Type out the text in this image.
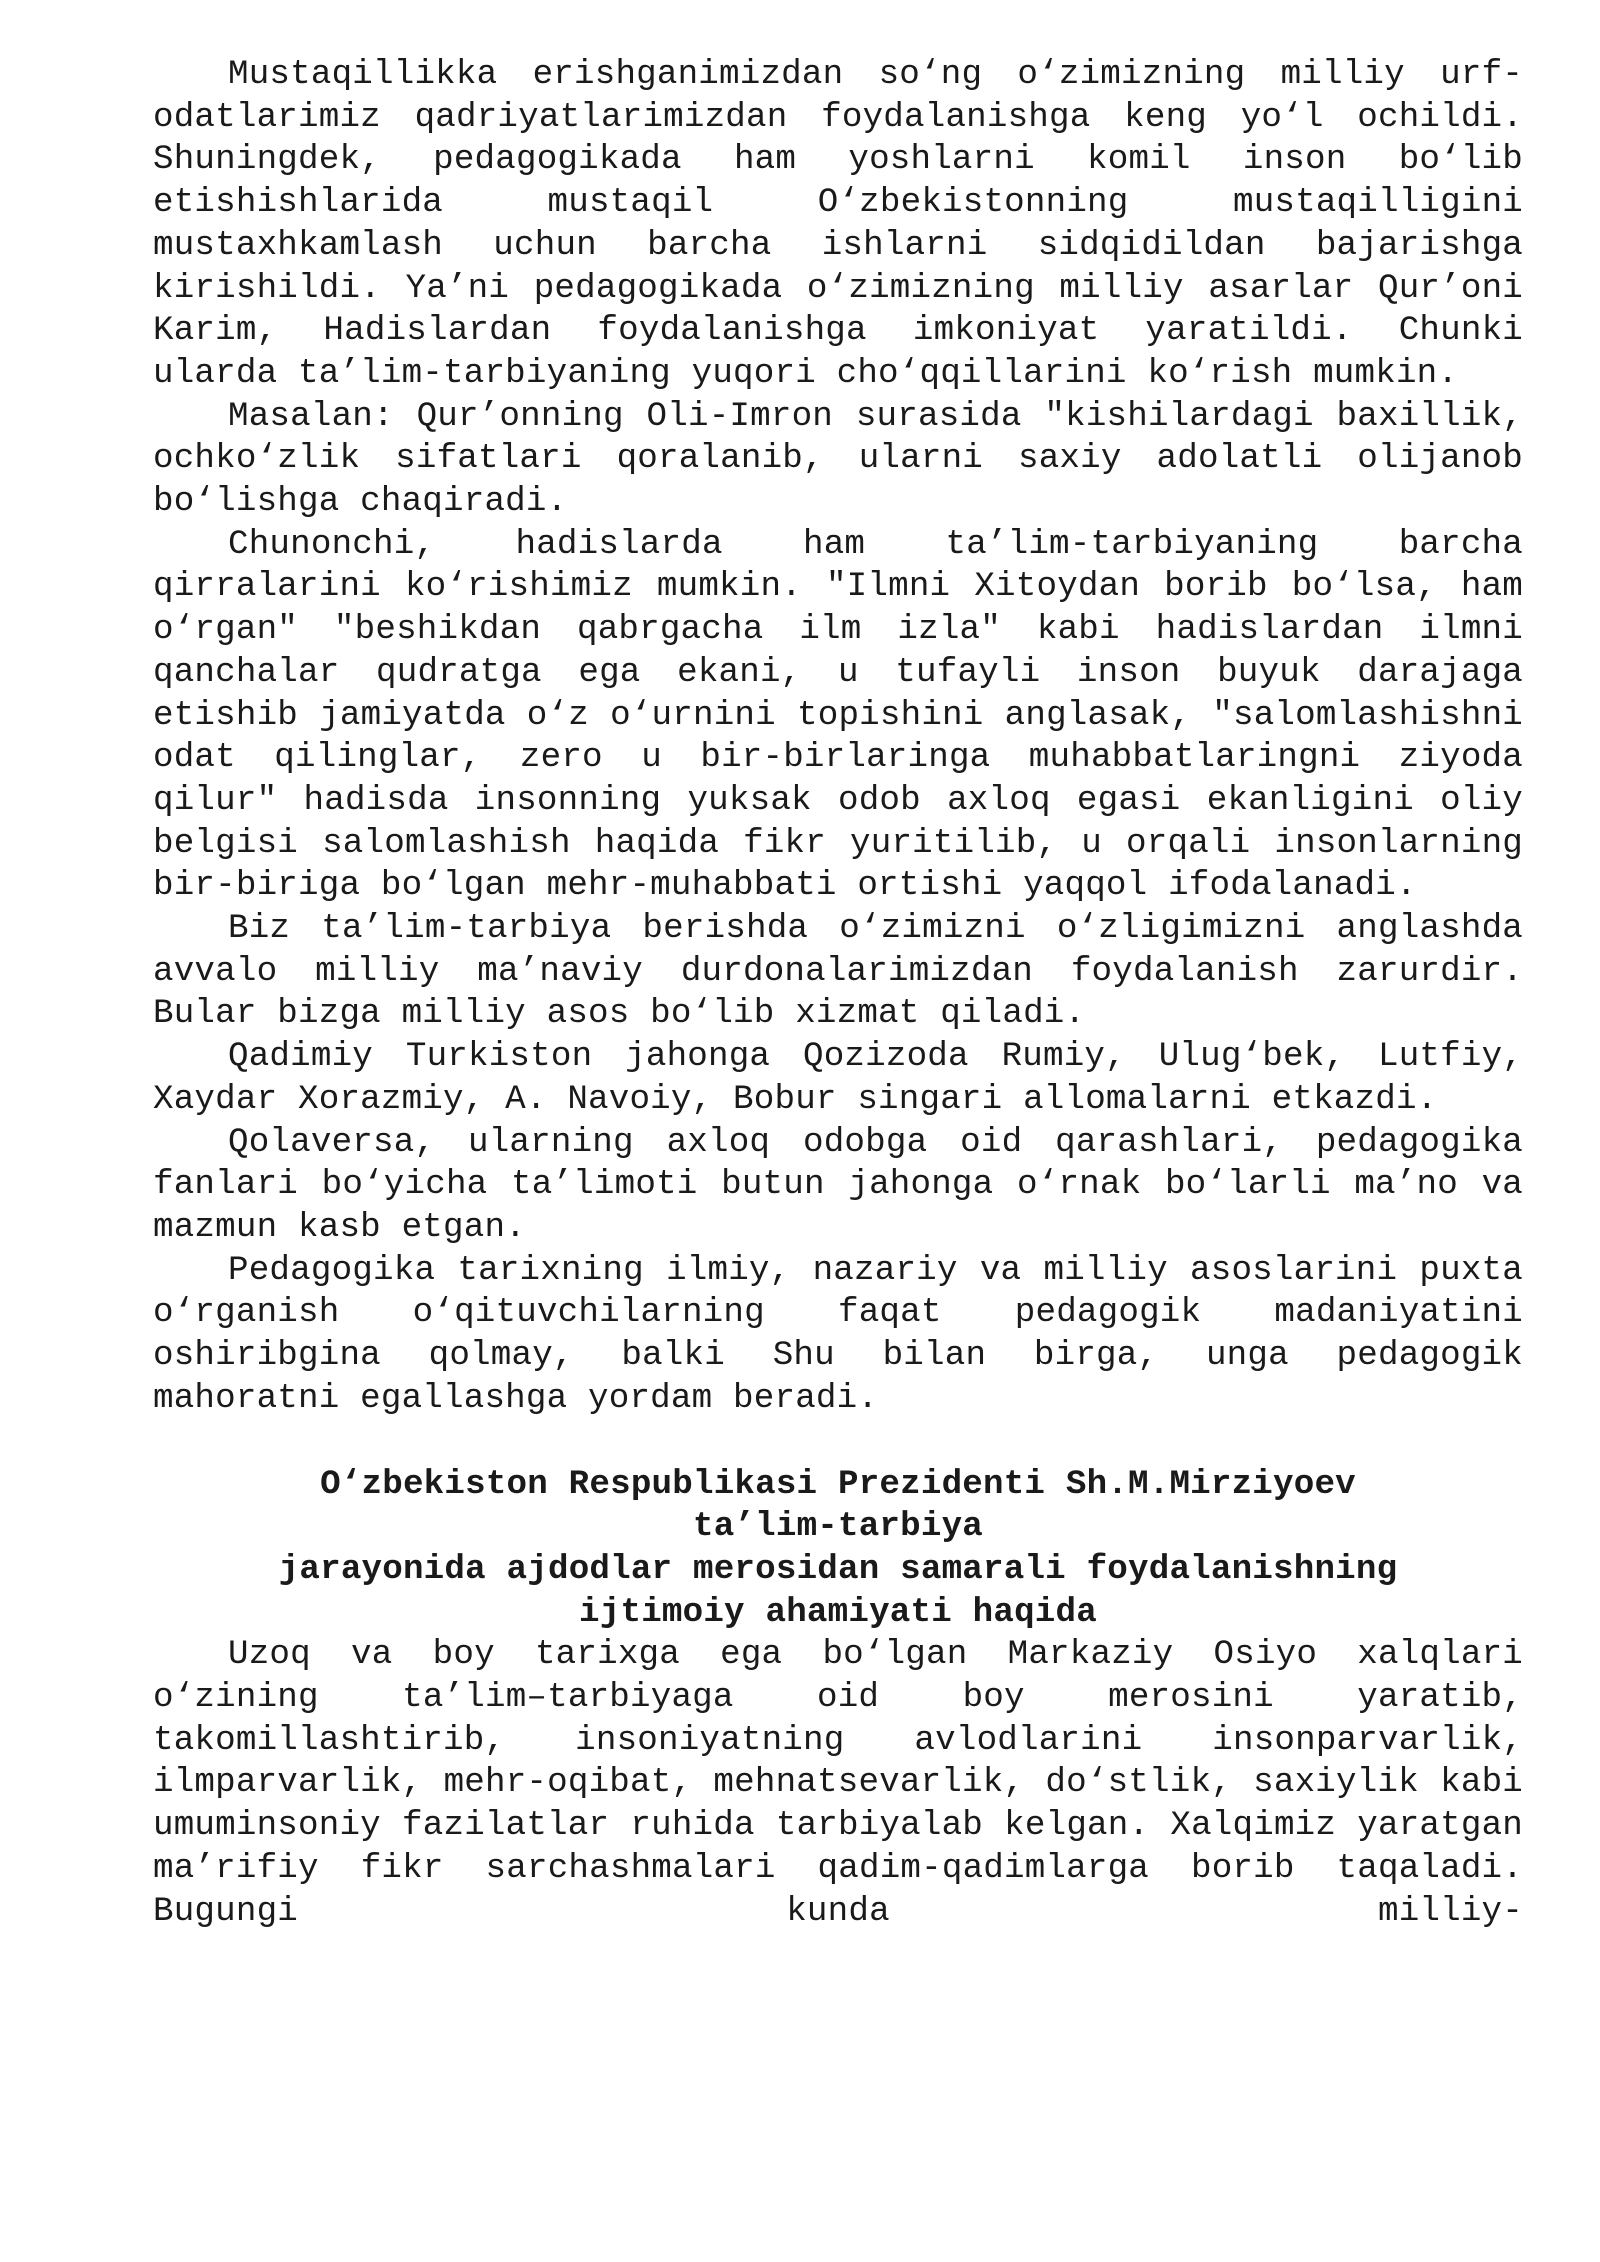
Mustaqillikka erishganimizdan so‘ng o‘zimizning milliy urf-odatlarimiz qadriyatlarimizdan foydalanishga keng yo‘l ochildi. Shuningdek, pedagogikada ham yoshlarni komil inson bo‘lib etishishlarida mustaqil O‘zbekistonning mustaqilligini mustaxhkamlash uchun barcha ishlarni sidqidildan bajarishga kirishildi. Ya’ni pedagogikada o‘zimizning milliy asarlar Qur’oni Karim, Hadislardan foydalanishga imkoniyat yaratildi. Chunki ularda ta’lim-tarbiyaning yuqori cho‘qqillarini ko‘rish mumkin.

Masalan: Qur’onning Oli-Imron surasida "kishilardagi baxillik, ochko‘zlik sifatlari qoralanib, ularni saxiy adolatli olijanob bo‘lishga chaqiradi.

Chunonchi, hadislarda ham ta’lim-tarbiyaning barcha qirralarini ko‘rishimiz mumkin. "Ilmni Xitoydan borib bo‘lsa, ham o‘rgan" "beshikdan qabrgacha ilm izla" kabi hadislardan ilmni qanchalar qudratga ega ekani, u tufayli inson buyuk darajaga etishib jamiyatda o‘z o‘urnini topishini anglasak, "salomlashishni odat qilinglar, zero u bir-birlaringa muhabbatlaringni ziyoda qilur" hadisda insonning yuksak odob axloq egasi ekanligini oliy belgisi salomlashish haqida fikr yuritilib, u orqali insonlarning bir-biriga bo‘lgan mehr-muhabbati ortishi yaqqol ifodalanadi.

Biz ta’lim-tarbiya berishda o‘zimizni o‘zligimizni anglashda avvalo milliy ma’naviy durdonalarimizdan foydalanish zarurdir. Bular bizga milliy asos bo‘lib xizmat qiladi.

Qadimiy Turkiston jahonga Qozizoda Rumiy, Ulug‘bek, Lutfiy, Xaydar Xorazmiy, A. Navoiy, Bobur singari allomalarni etkazdi.

Qolaversa, ularning axloq odobga oid qarashlari, pedagogika fanlari bo‘yicha ta’limoti butun jahonga o‘rnak bo‘larli ma’no va mazmun kasb etgan.

Pedagogika tarixning ilmiy, nazariy va milliy asoslarini puxta o‘rganish o‘qituvchilarning faqat pedagogik madaniyatini oshiribgina qolmay, balki Shu bilan birga, unga pedagogik mahoratni egallashga yordam beradi.

O‘zbekiston Respublikasi Prezidenti Sh.M.Mirziyoev
ta’lim-tarbiya
jarayonida ajdodlar merosidan samarali foydalanishning
ijtimoiy ahamiyati haqida

Uzoq va boy tarixga ega bo‘lgan Markaziy Osiyo xalqlari o‘zining ta’lim–tarbiyaga oid boy merosini yaratib, takomillashtirib, insoniyatning avlodlarini insonparvarlik, ilmparvarlik, mehr-oqibat, mehnatsevarlik, do‘stlik, saxiylik kabi umuminsoniy fazilatlar ruhida tarbiyalab kelgan. Xalqimiz yaratgan ma’rifiy fikr sarchashmalari qadim-qadimlarga borib taqaladi. Bugungi kunda milliy-
